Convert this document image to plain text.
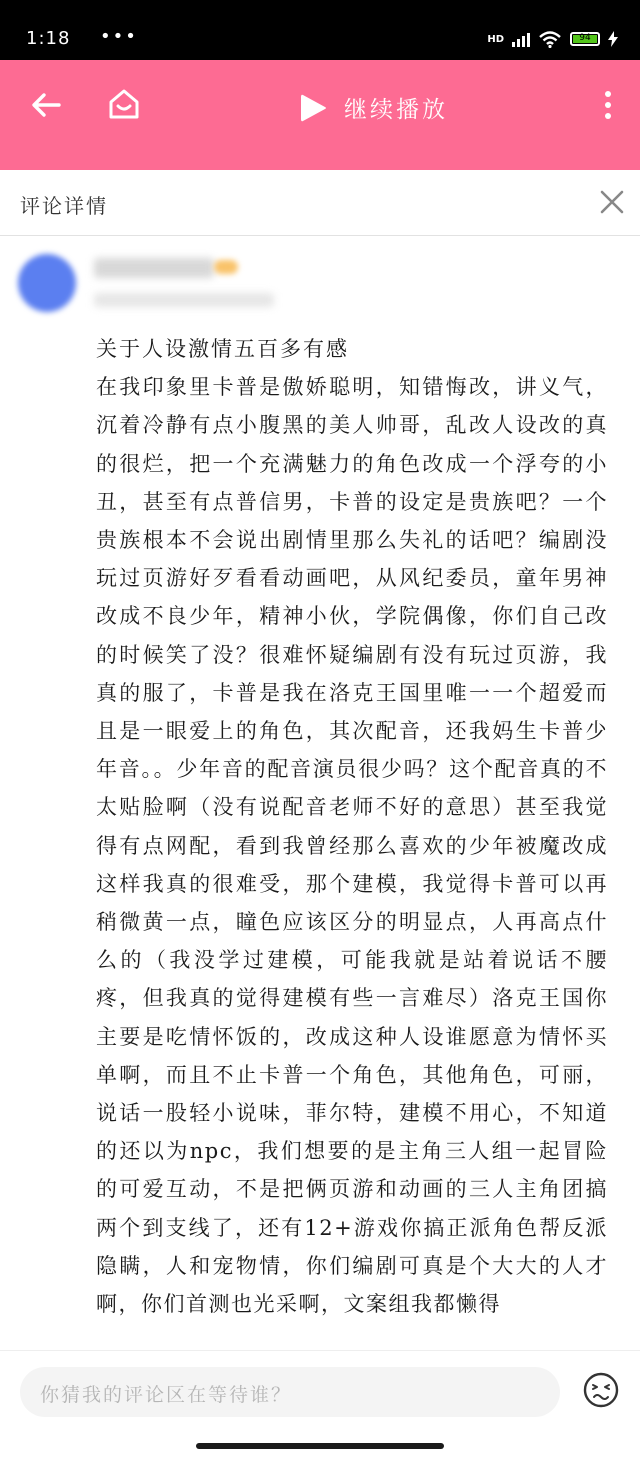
1:18 •••	HD	94
继续播放
评论详情

关于人设激情五百多有感

在我印象里卡普是傲娇聪明，知错悔改，讲义气，沉着冷静有点小腹黑的美人帅哥，乱改人设改的真的很烂，把一个充满魅力的角色改成一个浮夸的小丑，甚至有点普信男，卡普的设定是贵族吧？一个贵族根本不会说出剧情里那么失礼的话吧？编剧没玩过页游好歹看看动画吧，从风纪委员，童年男神改成不良少年，精神小伙，学院偶像，你们自己改的时候笑了没？很难怀疑编剧有没有玩过页游，我真的服了，卡普是我在洛克王国里唯一一个超爱而且是一眼爱上的角色，其次配音，还我妈生卡普少年音。。少年音的配音演员很少吗？这个配音真的不太贴脸啊（没有说配音老师不好的意思）甚至我觉得有点网配，看到我曾经那么喜欢的少年被魔改成这样我真的很难受，那个建模，我觉得卡普可以再稍微黄一点，瞳色应该区分的明显点，人再高点什么的（我没学过建模，可能我就是站着说话不腰疼，但我真的觉得建模有些一言难尽）洛克王国你主要是吃情怀饭的，改成这种人设谁愿意为情怀买单啊，而且不止卡普一个角色，其他角色，可丽，说话一股轻小说味，菲尔特，建模不用心，不知道的还以为npc，我们想要的是主角三人组一起冒险的可爱互动，不是把俩页游和动画的三人主角团搞两个到支线了，还有12+游戏你搞正派角色帮反派隐瞒，人和宠物情，你们编剧可真是个大大的人才啊，你们首测也光采啊，文案组我都懒得

你猜我的评论区在等待谁？
